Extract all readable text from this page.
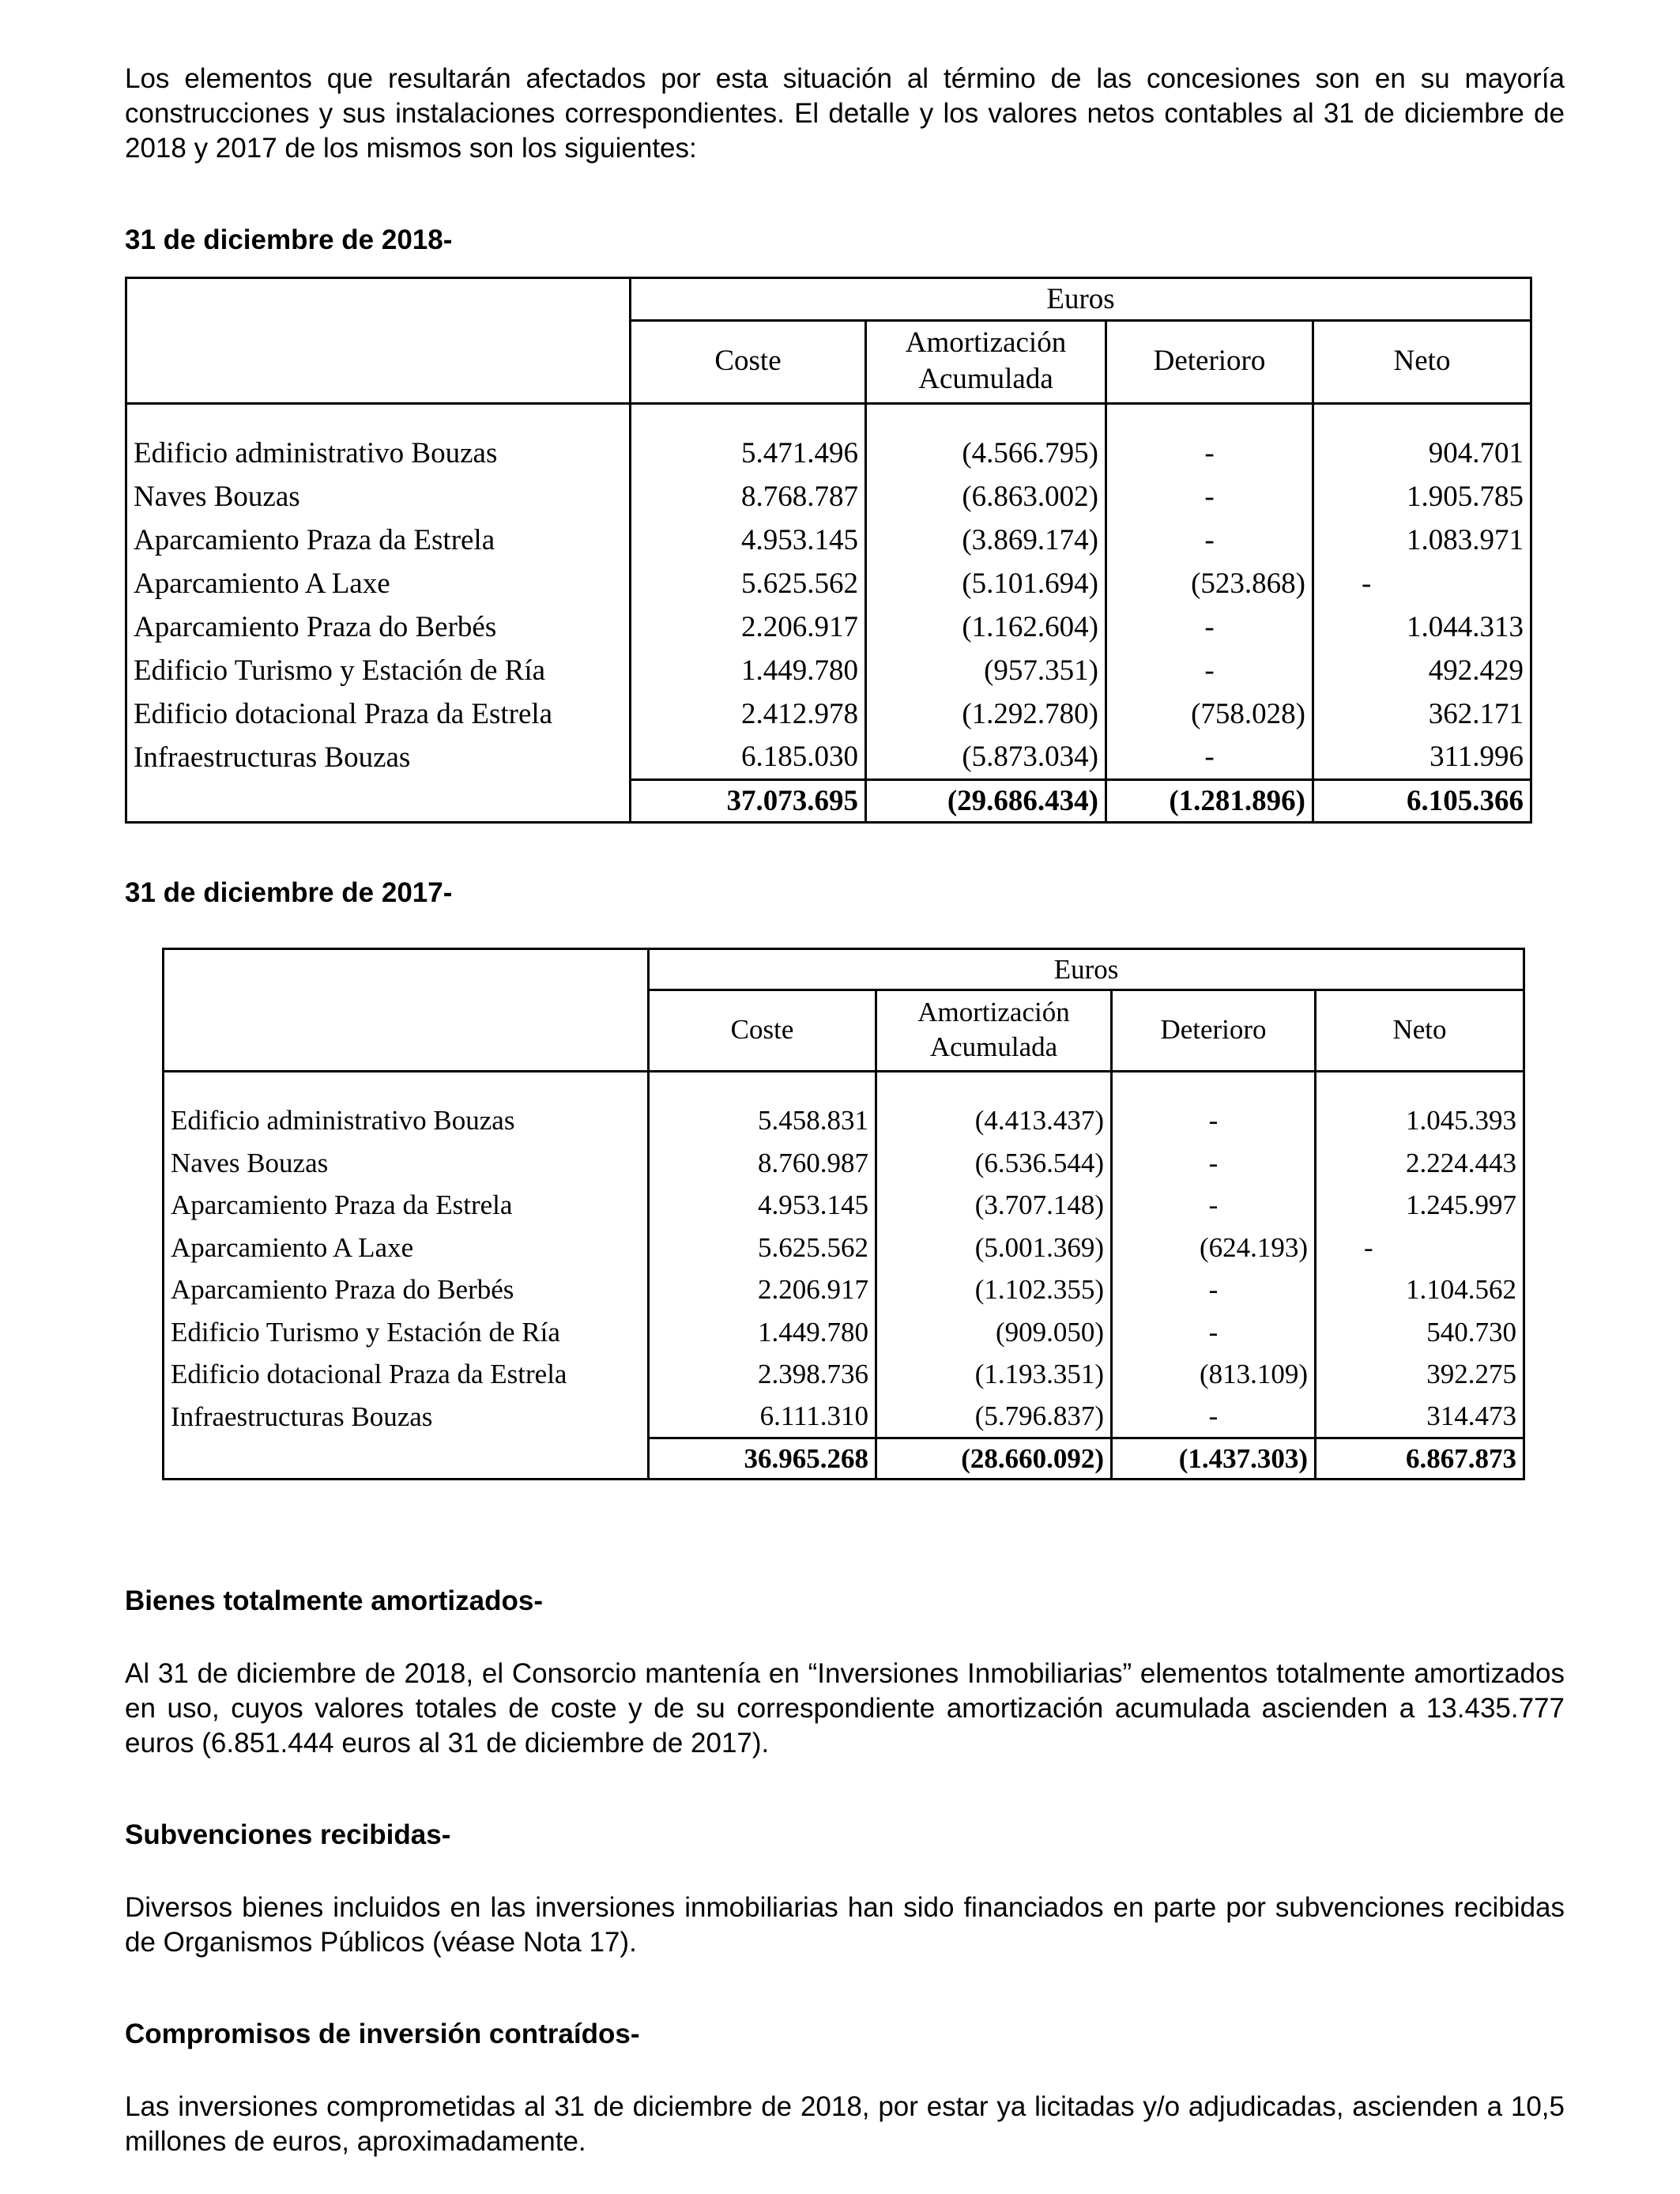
Los elementos que resultarán afectados por esta situación al término de las concesiones son en su mayoría construcciones y sus instalaciones correspondientes. El detalle y los valores netos contables al 31 de diciembre de 2018 y 2017 de los mismos son los siguientes:

31 de diciembre de 2018-

	Euros			
	Coste	Amortización
Acumulada	Deterioro	Neto

Edificio administrativo Bouzas	5.471.496	(4.566.795)	-	904.701
Naves Bouzas	8.768.787	(6.863.002)	-	1.905.785
Aparcamiento Praza da Estrela	4.953.145	(3.869.174)	-	1.083.971
Aparcamiento A Laxe	5.625.562	(5.101.694)	(523.868)	-
Aparcamiento Praza do Berbés	2.206.917	(1.162.604)	-	1.044.313
Edificio Turismo y Estación de Ría	1.449.780	(957.351)	-	492.429
Edificio dotacional Praza da Estrela	2.412.978	(1.292.780)	(758.028)	362.171
Infraestructuras Bouzas	6.185.030	(5.873.034)	-	311.996
	37.073.695	(29.686.434)	(1.281.896)	6.105.366

31 de diciembre de 2017-

	Euros			
	Coste	Amortización
Acumulada	Deterioro	Neto

Edificio administrativo Bouzas	5.458.831	(4.413.437)	-	1.045.393
Naves Bouzas	8.760.987	(6.536.544)	-	2.224.443
Aparcamiento Praza da Estrela	4.953.145	(3.707.148)	-	1.245.997
Aparcamiento A Laxe	5.625.562	(5.001.369)	(624.193)	-
Aparcamiento Praza do Berbés	2.206.917	(1.102.355)	-	1.104.562
Edificio Turismo y Estación de Ría	1.449.780	(909.050)	-	540.730
Edificio dotacional Praza da Estrela	2.398.736	(1.193.351)	(813.109)	392.275
Infraestructuras Bouzas	6.111.310	(5.796.837)	-	314.473
	36.965.268	(28.660.092)	(1.437.303)	6.867.873

Bienes totalmente amortizados-

Al 31 de diciembre de 2018, el Consorcio mantenía en “Inversiones Inmobiliarias” elementos totalmente amortizados en uso, cuyos valores totales de coste y de su correspondiente amortización acumulada ascienden a 13.435.777 euros (6.851.444 euros al 31 de diciembre de 2017).

Subvenciones recibidas-

Diversos bienes incluidos en las inversiones inmobiliarias han sido financiados en parte por subvenciones recibidas de Organismos Públicos (véase Nota 17).

Compromisos de inversión contraídos-

Las inversiones comprometidas al 31 de diciembre de 2018, por estar ya licitadas y/o adjudicadas, ascienden a 10,5 millones de euros, aproximadamente.
